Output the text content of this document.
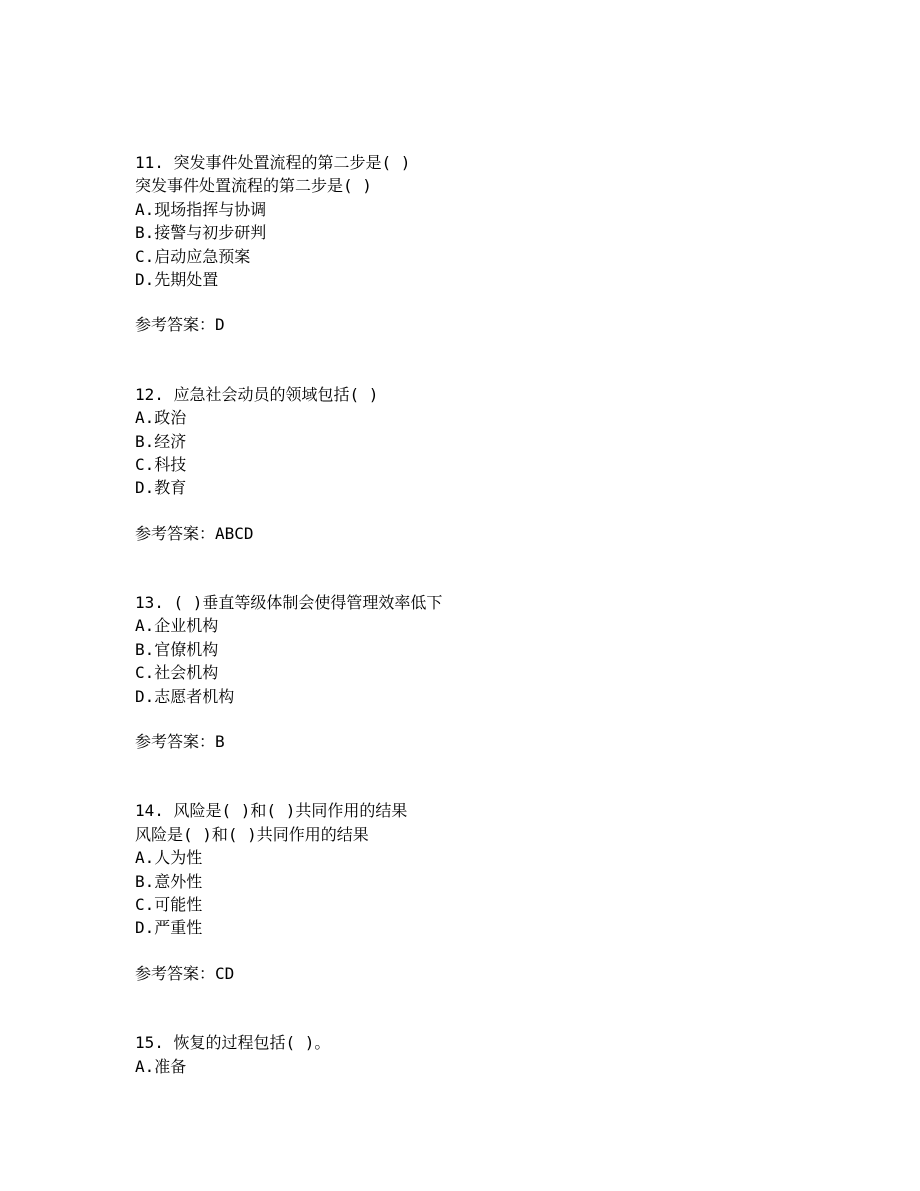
11. 突发事件处置流程的第二步是( )
突发事件处置流程的第二步是( )
A.现场指挥与协调
B.接警与初步研判
C.启动应急预案
D.先期处置
参考答案：D
12. 应急社会动员的领域包括( )
A.政治
B.经济
C.科技
D.教育
参考答案：ABCD
13. ( )垂直等级体制会使得管理效率低下
A.企业机构
B.官僚机构
C.社会机构
D.志愿者机构
参考答案：B
14. 风险是( )和( )共同作用的结果
风险是( )和( )共同作用的结果
A.人为性
B.意外性
C.可能性
D.严重性
参考答案：CD
15. 恢复的过程包括( )。
A.准备
